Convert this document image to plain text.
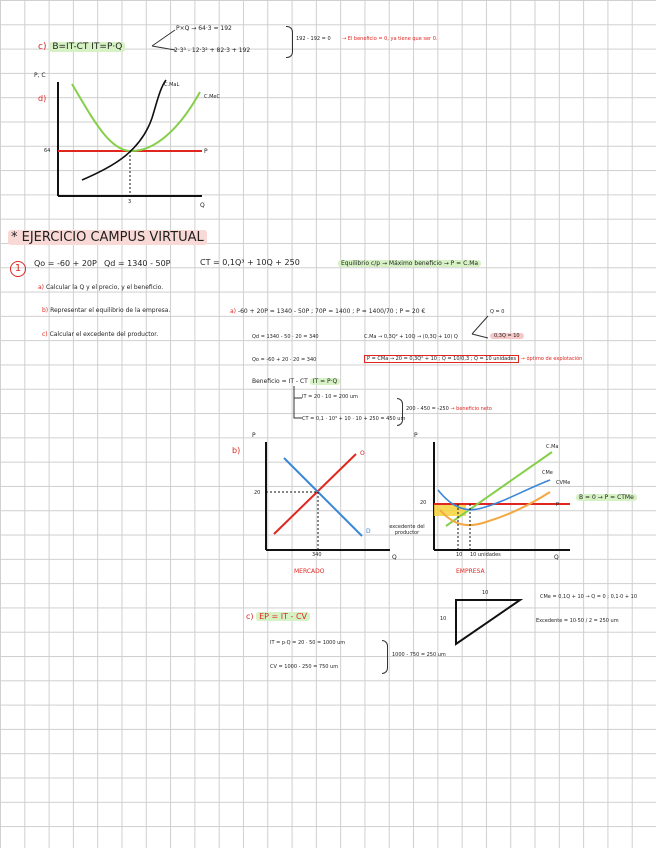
c) B=IT-CT IT=P·Q
P×Q → 64·3 = 192
2·3³ - 12·3² + 82·3 + 192
192 - 192 = 0 → El beneficio = 0, ya tiene que ser 0.
P, C
d)
64
3
P
Q
C.MaL
C.MeC
* EJERCICIO CAMPUS VIRTUAL
1	Qo = -60 + 20P Qd = 1340 - 50P	CT = 0,1Q³ + 10Q + 250	Equilibrio c/p → Máximo beneficio → P = C.Ma
a) Calcular la Q y el precio, y el beneficio.
b) Representar el equilibrio de la empresa.
c) Calcular el excedente del productor.
a) -60 + 20P = 1340 - 50P ; 70P = 1400 ; P = 1400/70 ; P = 20 €
Qd = 1340 - 50 · 20 = 340	C.Ma → 0,3Q² + 10Q → (0,3Q + 10) Q
Q = 0
0,3Q = 10
Qo = -60 + 20 · 20 = 340	P = CMa → 20 = 0,3Q² + 10 ; Q = 10/0,3 ; Q = 10 unidades → óptimo de explotación
Beneficio = IT - CT IT = P·Q
IT = 20 · 10 = 200 um
CT = 0,1 · 10³ + 10 · 10 + 250 = 450 um
200 - 450 = -250 → beneficio neto
b)
P
20
340
O
D
Q
MERCADO
P
20
excedente del productor
10 10 unidades
C.Ma
CMe
CVMe
P
Q
EMPRESA
B = 0 → P = CTMe
c) EP = IT - CV
IT = p·Q = 20 · 50 = 1000 um
CV = 1000 - 250 = 750 um
1000 - 750 = 250 um
10
10
CMe = 0,1Q + 10 → Q = 0 ; 0,1·0 + 10
Excedente = 10·50 / 2 = 250 um
